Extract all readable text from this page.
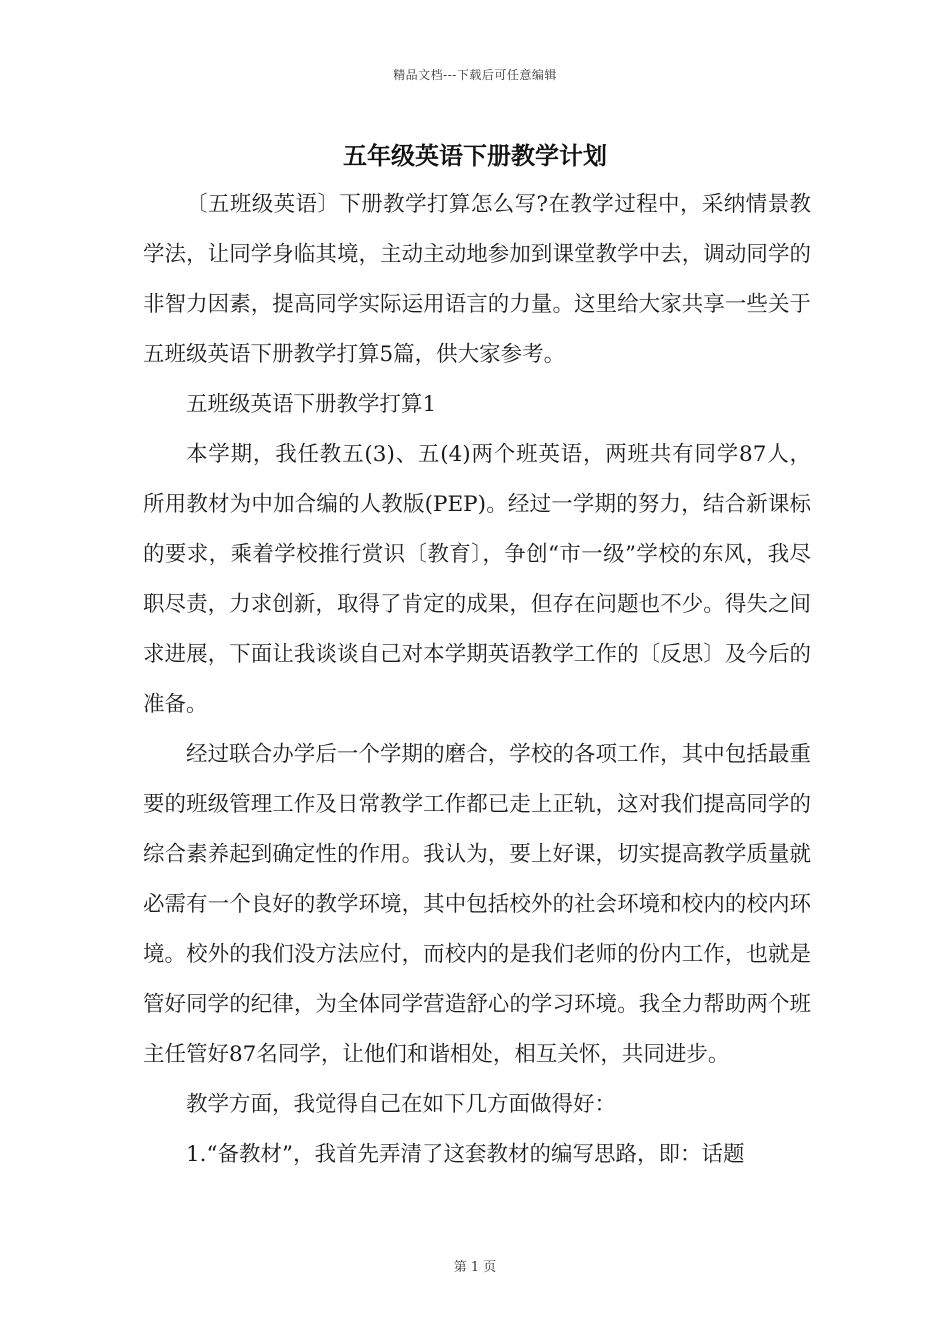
精品文档---下载后可任意编辑
五年级英语下册教学计划

〔五班级英语〕下册教学打算怎么写?在教学过程中，采纳情景教学法，让同学身临其境，主动主动地参加到课堂教学中去，调动同学的非智力因素，提高同学实际运用语言的力量。这里给大家共享一些关于五班级英语下册教学打算5篇，供大家参考。

五班级英语下册教学打算1

本学期，我任教五(3)、五(4)两个班英语，两班共有同学87人，所用教材为中加合编的人教版(PEP)。经过一学期的努力，结合新课标的要求，乘着学校推行赏识〔教育〕，争创“市一级”学校的东风，我尽职尽责，力求创新，取得了肯定的成果，但存在问题也不少。得失之间求进展，下面让我谈谈自己对本学期英语教学工作的〔反思〕及今后的准备。

经过联合办学后一个学期的磨合，学校的各项工作，其中包括最重要的班级管理工作及日常教学工作都已走上正轨，这对我们提高同学的综合素养起到确定性的作用。我认为，要上好课，切实提高教学质量就必需有一个良好的教学环境，其中包括校外的社会环境和校内的校内环境。校外的我们没方法应付，而校内的是我们老师的份内工作，也就是管好同学的纪律，为全体同学营造舒心的学习环境。我全力帮助两个班主任管好87名同学，让他们和谐相处，相互关怀，共同进步。

教学方面，我觉得自己在如下几方面做得好：

1.“备教材”，我首先弄清了这套教材的编写思路，即：话题

第 1 页
